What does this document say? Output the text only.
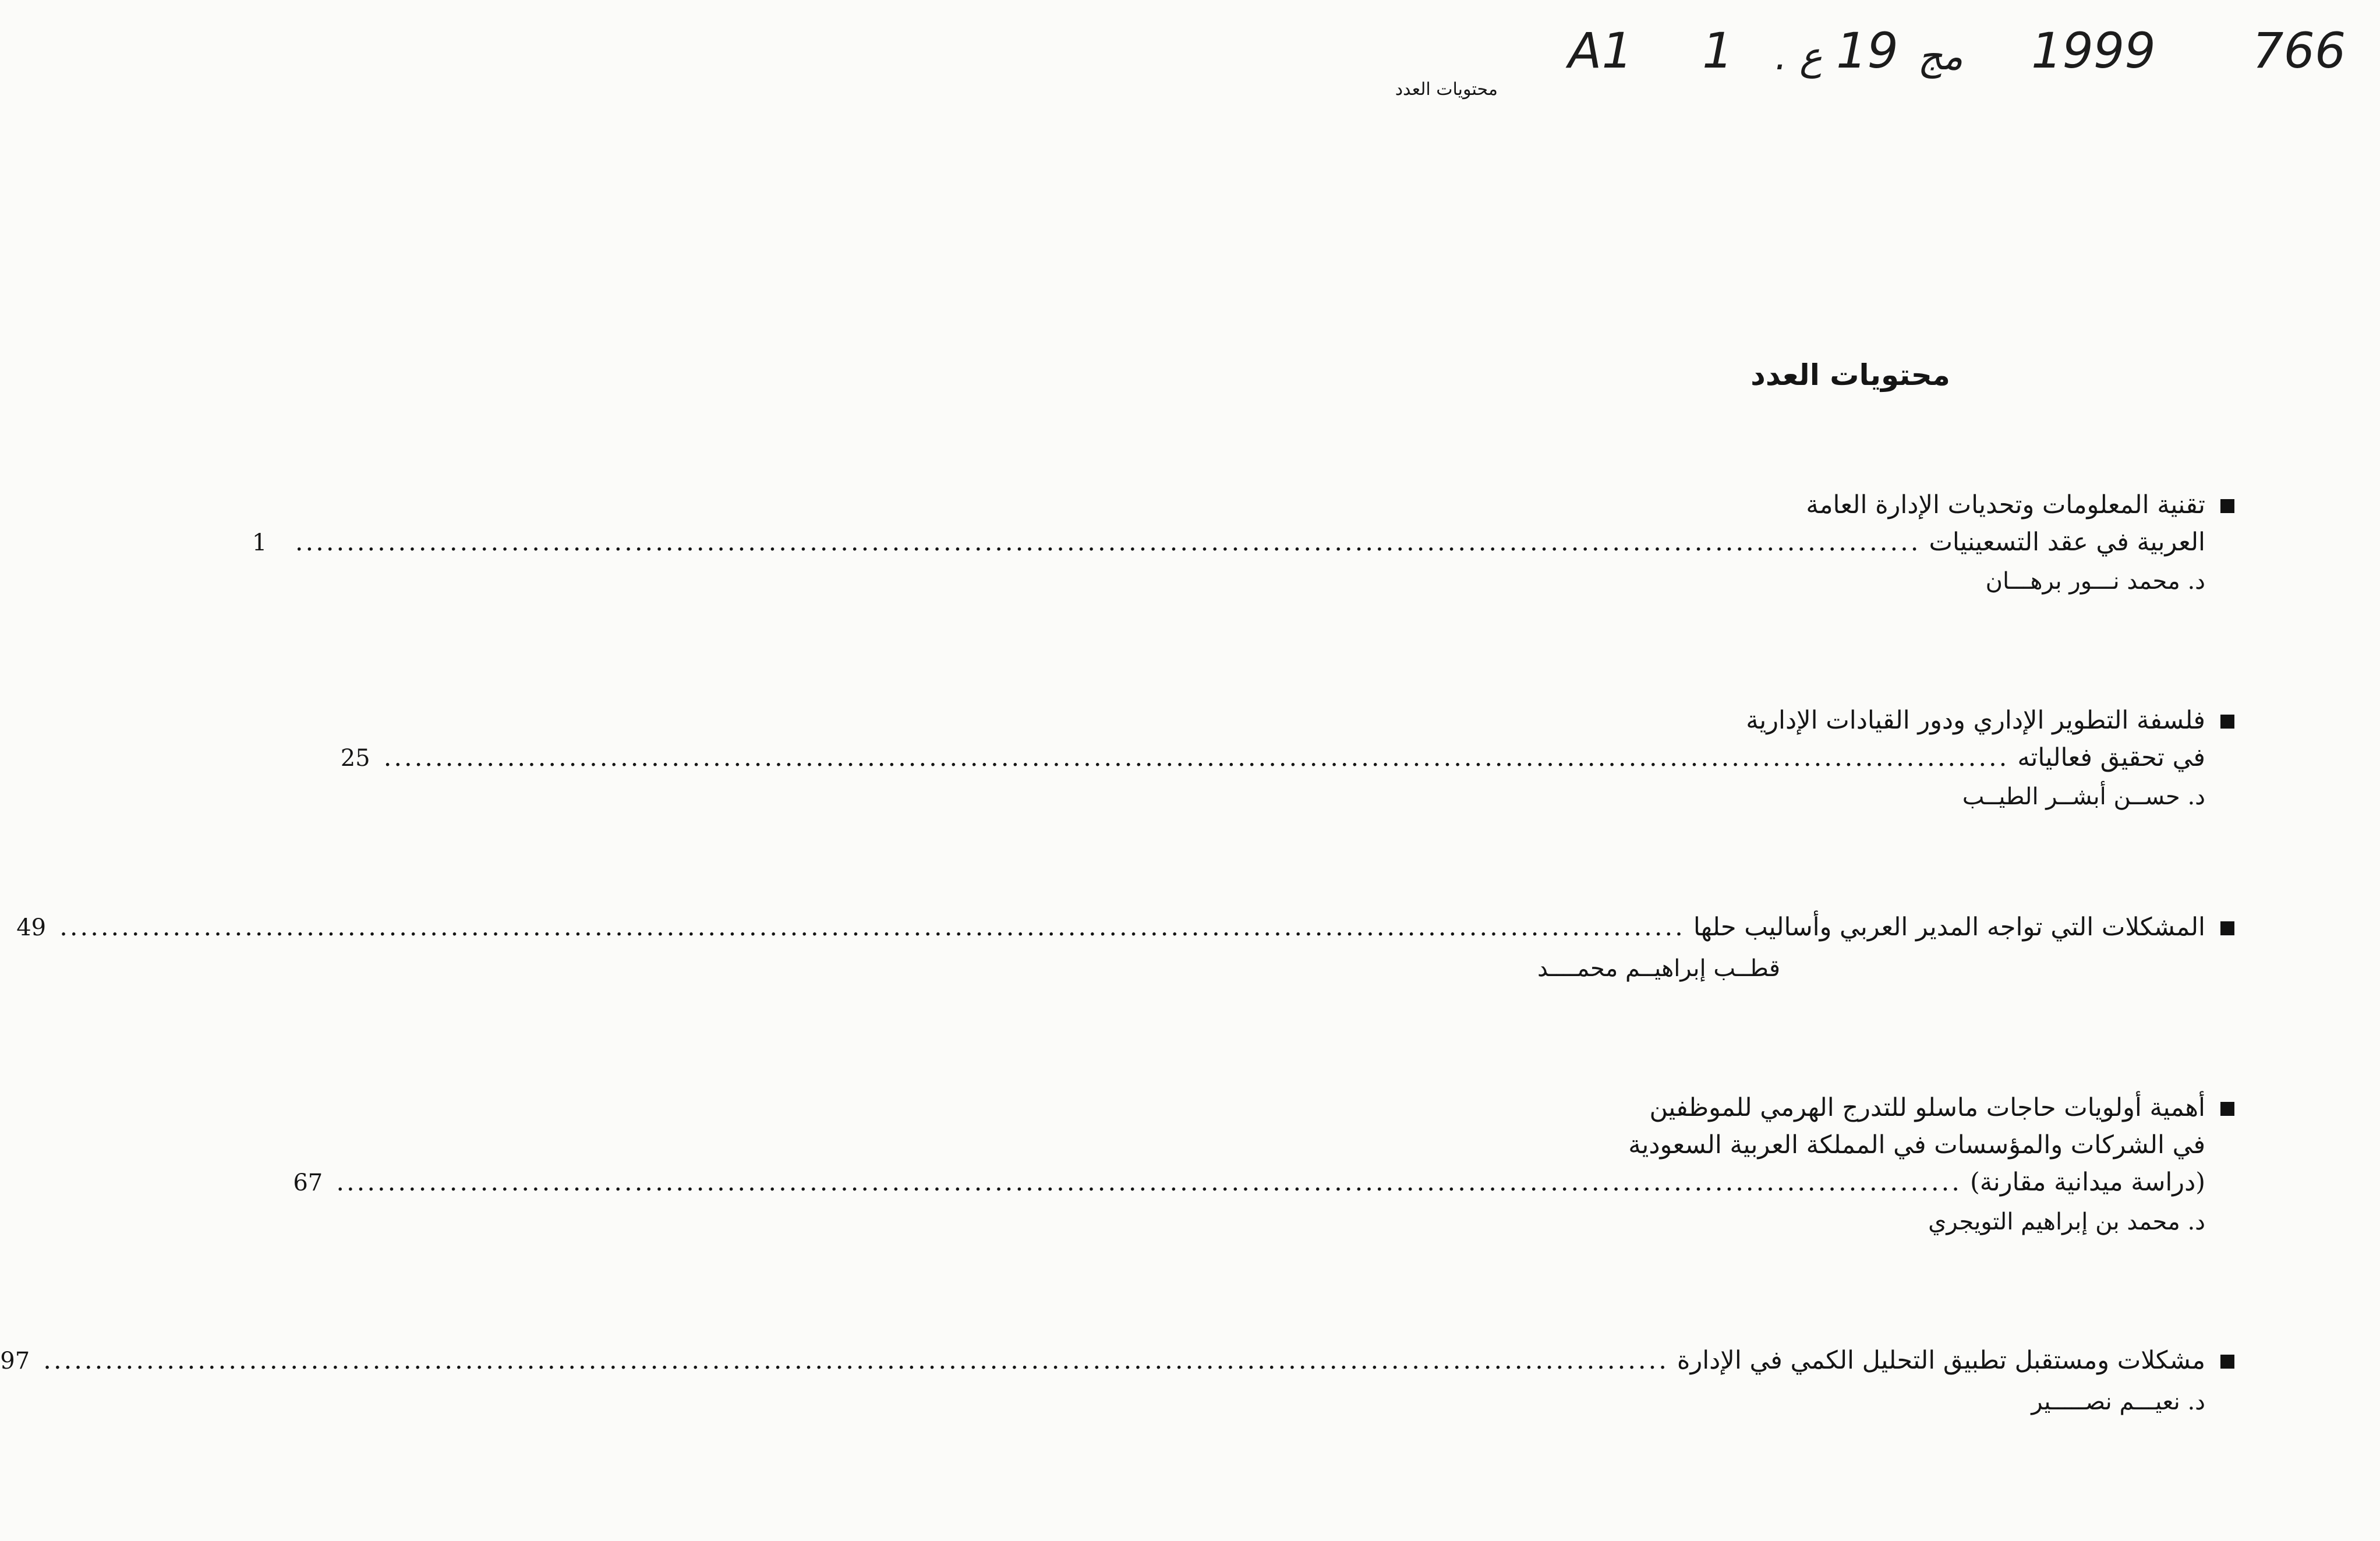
A1 1 . ع 19 مج 1999 766
محتويات العدد
محتويات العدد
تقنية المعلومات وتحديات الإدارة العامة
العربية في عقد التسعينيات
..............................................................................................................................................................
1
د. محمد نـــور برهـــان
فلسفة التطوير الإداري ودور القيادات الإدارية
في تحقيق فعالياته
..............................................................................................................................................................
25
د. حســن أبشــر الطيــب
المشكلات التي تواجه المدير العربي وأساليب حلها
..............................................................................................................................................................
49
قطــب إبراهيــم محمــــد
أهمية أولويات حاجات ماسلو للتدرج الهرمي للموظفين
في الشركات والمؤسسات في المملكة العربية السعودية
(دراسة ميدانية مقارنة)
..............................................................................................................................................................
67
د. محمد بن إبراهيم التويجري
مشكلات ومستقبل تطبيق التحليل الكمي في الإدارة
..............................................................................................................................................................
97
د. نعيـــم نصـــــير
